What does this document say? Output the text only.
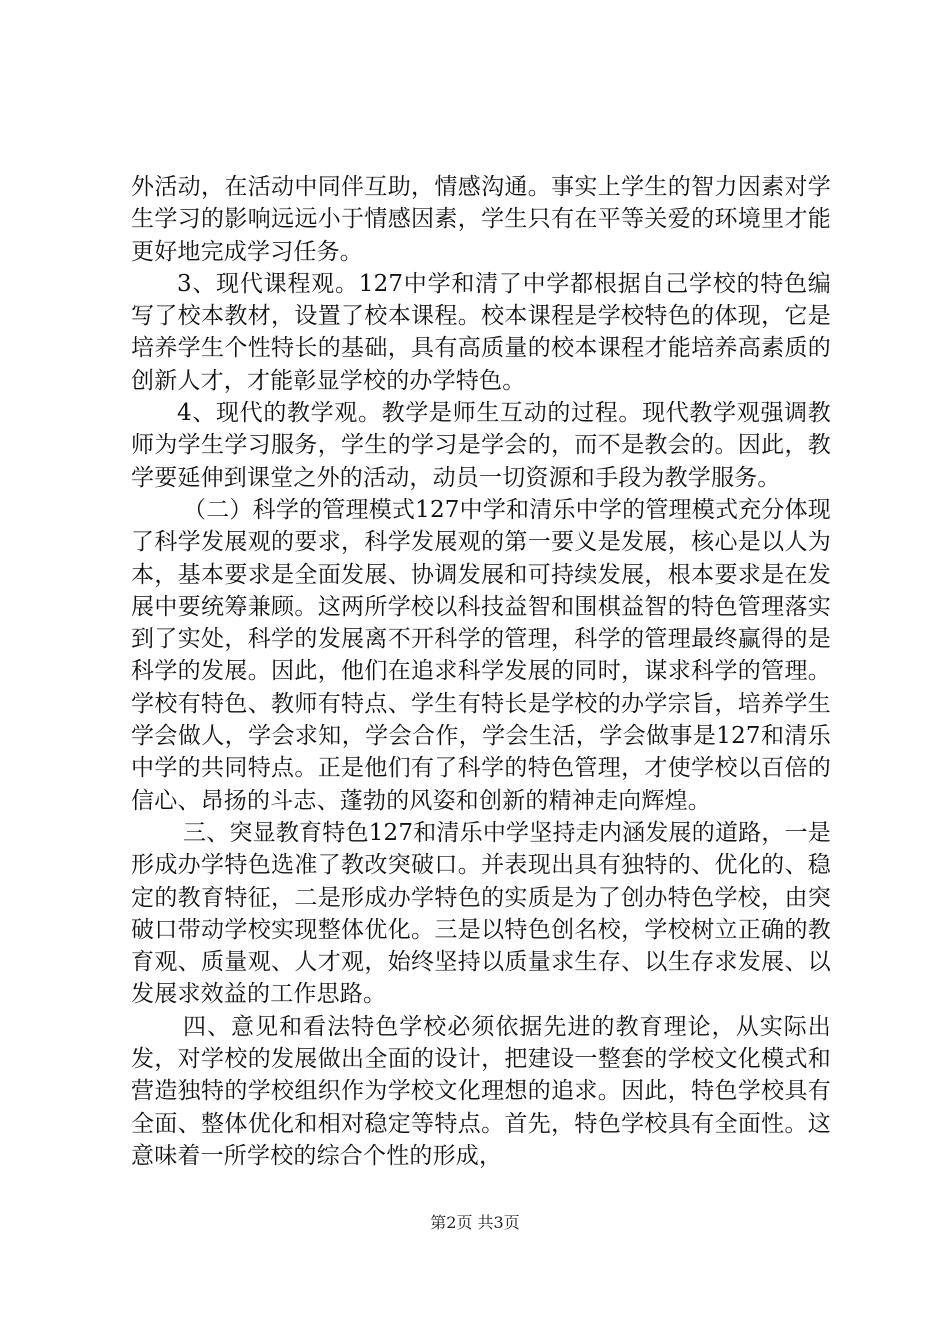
外活动，在活动中同伴互助，情感沟通。事实上学生的智力因素对学生学习的影响远远小于情感因素，学生只有在平等关爱的环境里才能更好地完成学习任务。

3、现代课程观。127中学和清了中学都根据自己学校的特色编写了校本教材，设置了校本课程。校本课程是学校特色的体现，它是培养学生个性特长的基础，具有高质量的校本课程才能培养高素质的创新人才，才能彰显学校的办学特色。

4、现代的教学观。教学是师生互动的过程。现代教学观强调教师为学生学习服务，学生的学习是学会的，而不是教会的。因此，教学要延伸到课堂之外的活动，动员一切资源和手段为教学服务。

（二）科学的管理模式127中学和清乐中学的管理模式充分体现了科学发展观的要求，科学发展观的第一要义是发展，核心是以人为本，基本要求是全面发展、协调发展和可持续发展，根本要求是在发展中要统筹兼顾。这两所学校以科技益智和围棋益智的特色管理落实到了实处，科学的发展离不开科学的管理，科学的管理最终赢得的是科学的发展。因此，他们在追求科学发展的同时，谋求科学的管理。学校有特色、教师有特点、学生有特长是学校的办学宗旨，培养学生学会做人，学会求知，学会合作，学会生活，学会做事是127和清乐中学的共同特点。正是他们有了科学的特色管理，才使学校以百倍的信心、昂扬的斗志、蓬勃的风姿和创新的精神走向辉煌。

三、突显教育特色127和清乐中学坚持走内涵发展的道路，一是形成办学特色选准了教改突破口。并表现出具有独特的、优化的、稳定的教育特征，二是形成办学特色的实质是为了创办特色学校，由突破口带动学校实现整体优化。三是以特色创名校，学校树立正确的教育观、质量观、人才观，始终坚持以质量求生存、以生存求发展、以发展求效益的工作思路。

四、意见和看法特色学校必须依据先进的教育理论，从实际出发，对学校的发展做出全面的设计，把建设一整套的学校文化模式和营造独特的学校组织作为学校文化理想的追求。因此，特色学校具有全面、整体优化和相对稳定等特点。首先，特色学校具有全面性。这意味着一所学校的综合个性的形成，

第2页 共3页
